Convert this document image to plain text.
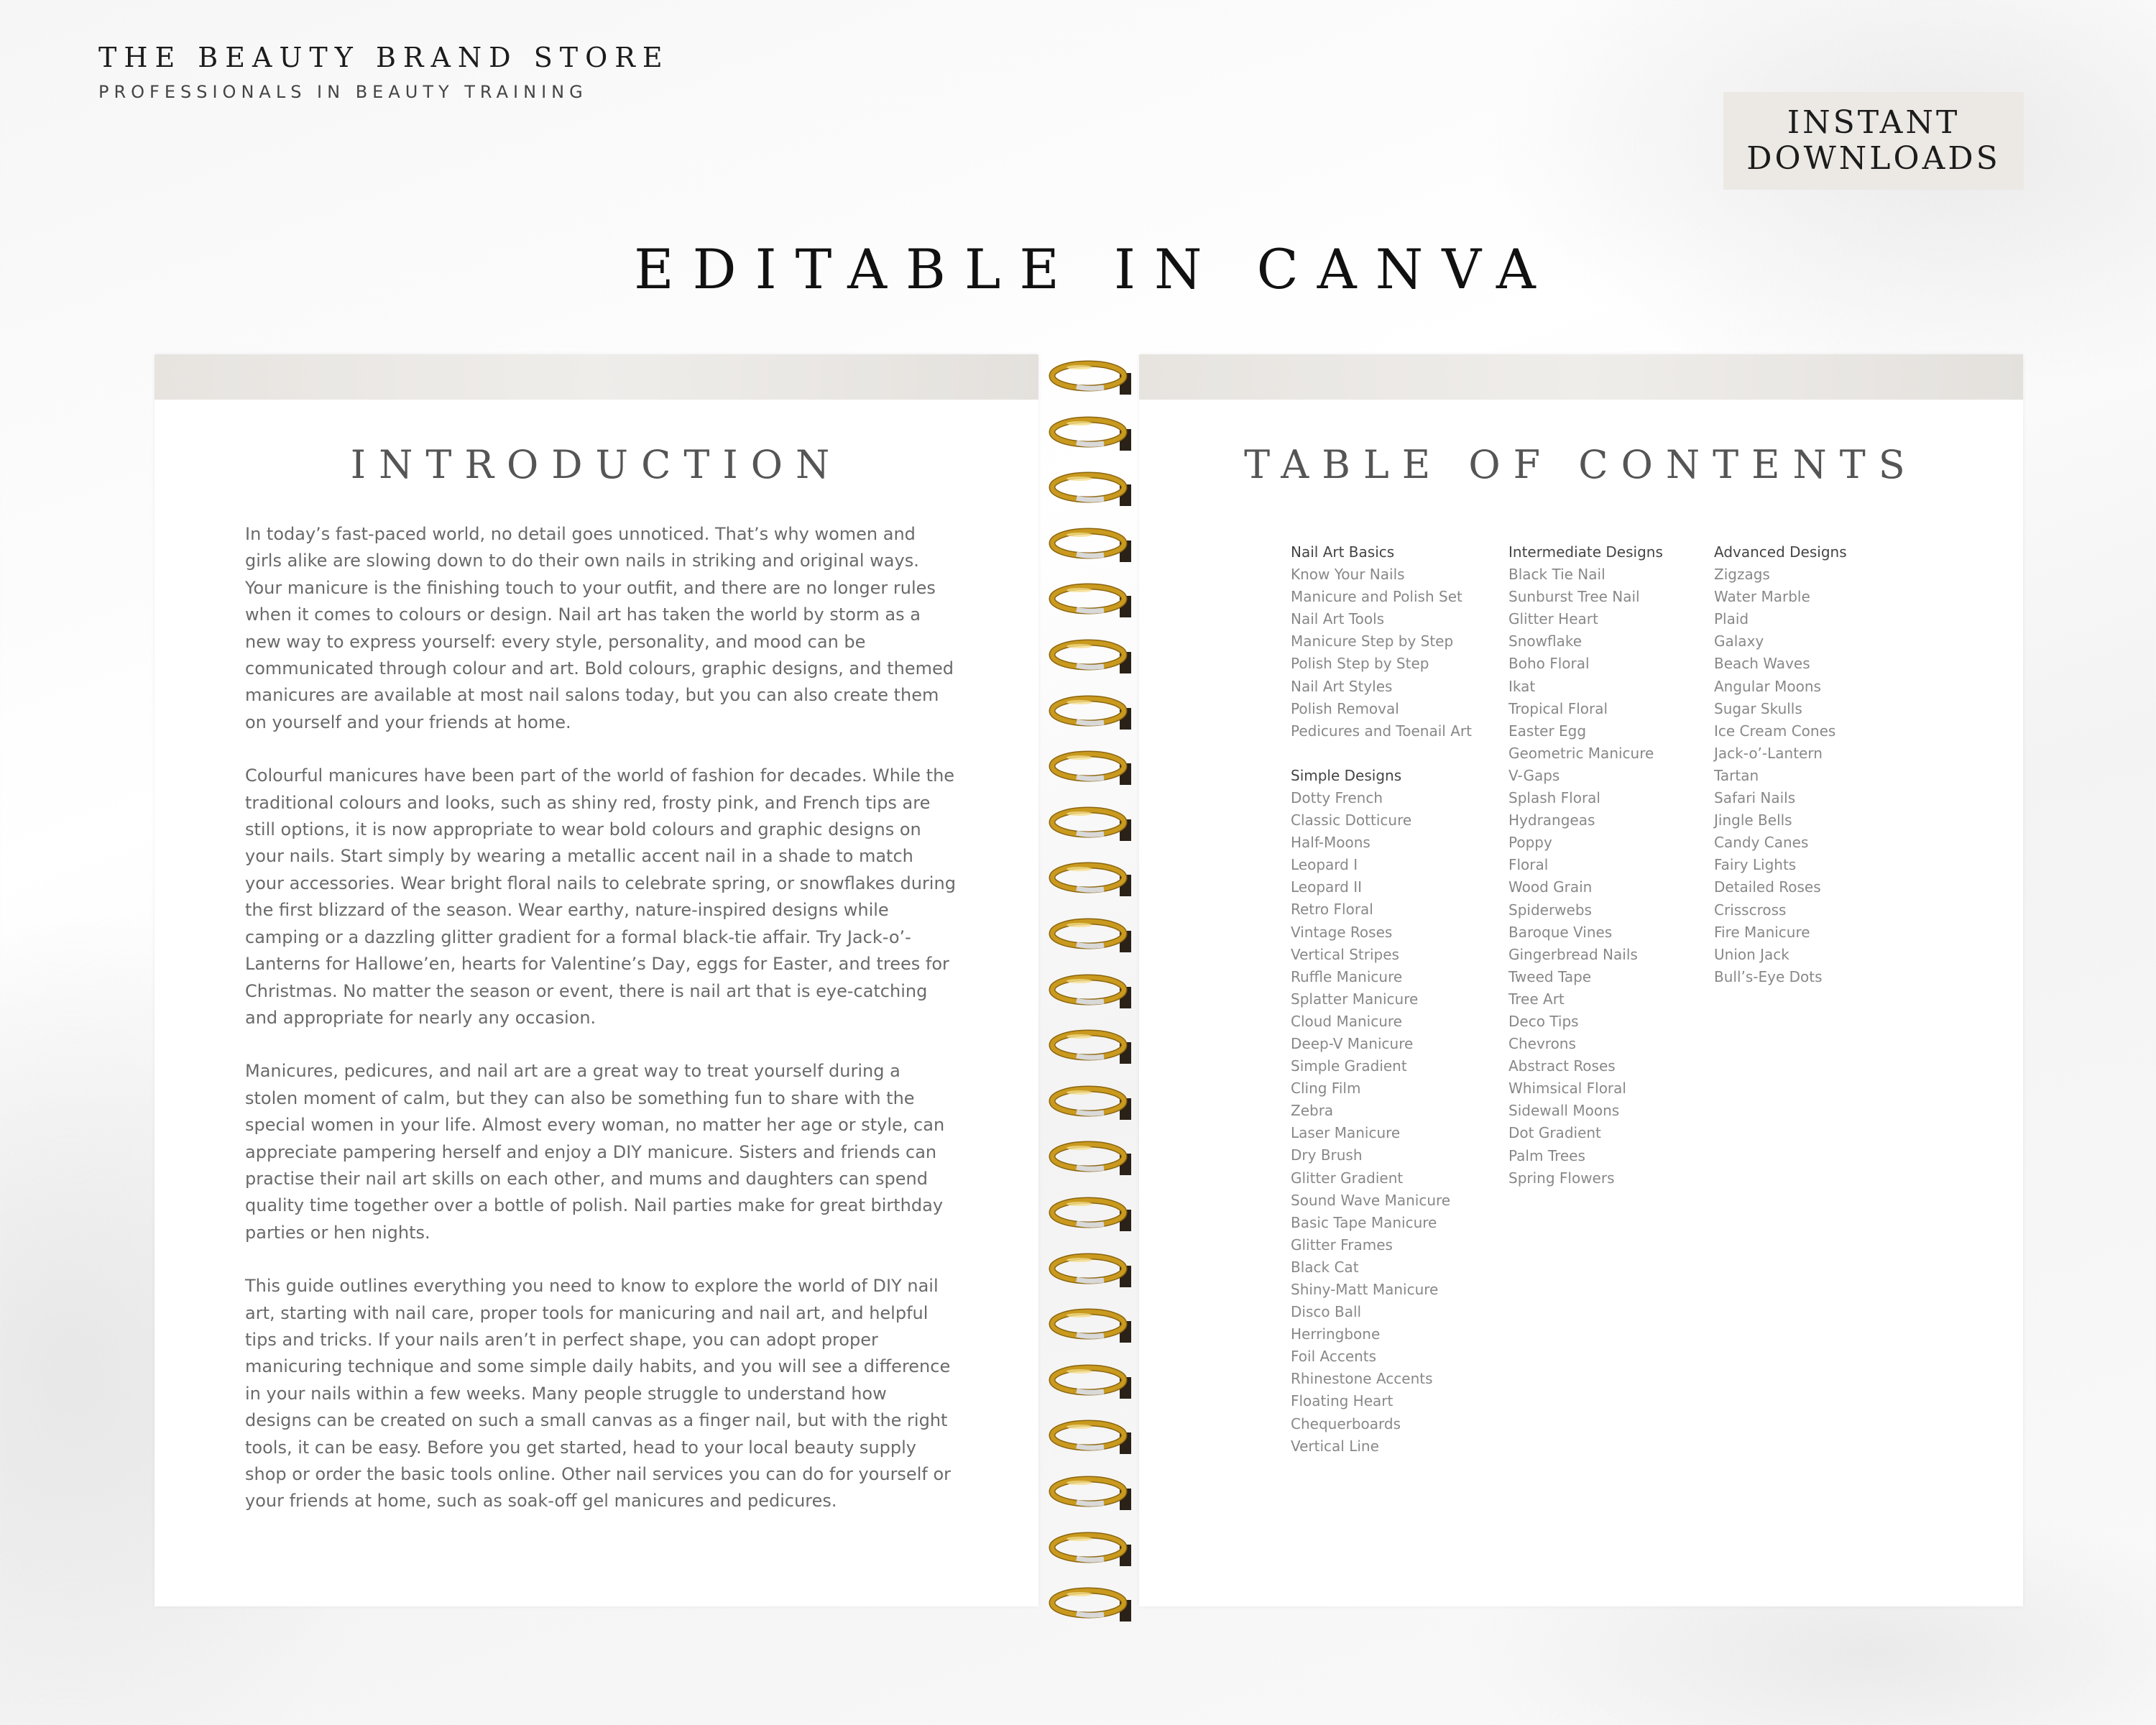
THE BEAUTY BRAND STORE
PROFESSIONALS IN BEAUTY TRAINING
INSTANT
DOWNLOADS
EDITABLE IN CANVA
INTRODUCTION

In today’s fast-paced world, no detail goes unnoticed. That’s why women and girls alike are slowing down to do their own nails in striking and original ways. Your manicure is the finishing touch to your outfit, and there are no longer rules when it comes to colours or design. Nail art has taken the world by storm as a new way to express yourself: every style, personality, and mood can be communicated through colour and art. Bold colours, graphic designs, and themed manicures are available at most nail salons today, but you can also create them on yourself and your friends at home.

Colourful manicures have been part of the world of fashion for decades. While the traditional colours and looks, such as shiny red, frosty pink, and French tips are still options, it is now appropriate to wear bold colours and graphic designs on your nails. Start simply by wearing a metallic accent nail in a shade to match your accessories. Wear bright floral nails to celebrate spring, or snowflakes during the first blizzard of the season. Wear earthy, nature-inspired designs while camping or a dazzling glitter gradient for a formal black-tie affair. Try Jack-o’-Lanterns for Hallowe’en, hearts for Valentine’s Day, eggs for Easter, and trees for Christmas. No matter the season or event, there is nail art that is eye-catching and appropriate for nearly any occasion.

Manicures, pedicures, and nail art are a great way to treat yourself during a stolen moment of calm, but they can also be something fun to share with the special women in your life. Almost every woman, no matter her age or style, can appreciate pampering herself and enjoy a DIY manicure. Sisters and friends can practise their nail art skills on each other, and mums and daughters can spend quality time together over a bottle of polish. Nail parties make for great birthday parties or hen nights.

This guide outlines everything you need to know to explore the world of DIY nail art, starting with nail care, proper tools for manicuring and nail art, and helpful tips and tricks. If your nails aren’t in perfect shape, you can adopt proper manicuring technique and some simple daily habits, and you will see a difference in your nails within a few weeks. Many people struggle to understand how designs can be created on such a small canvas as a finger nail, but with the right tools, it can be easy. Before you get started, head to your local beauty supply shop or order the basic tools online. Other nail services you can do for yourself or your friends at home, such as soak-off gel manicures and pedicures.

TABLE OF CONTENTS
Nail Art Basics
Know Your Nails
Manicure and Polish Set
Nail Art Tools
Manicure Step by Step
Polish Step by Step
Nail Art Styles
Polish Removal
Pedicures and Toenail Art
Simple Designs
Dotty French
Classic Dotticure
Half-Moons
Leopard I
Leopard II
Retro Floral
Vintage Roses
Vertical Stripes
Ruffle Manicure
Splatter Manicure
Cloud Manicure
Deep-V Manicure
Simple Gradient
Cling Film
Zebra
Laser Manicure
Dry Brush
Glitter Gradient
Sound Wave Manicure
Basic Tape Manicure
Glitter Frames
Black Cat
Shiny-Matt Manicure
Disco Ball
Herringbone
Foil Accents
Rhinestone Accents
Floating Heart
Chequerboards
Vertical Line
Intermediate Designs
Black Tie Nail
Sunburst Tree Nail
Glitter Heart
Snowflake
Boho Floral
Ikat
Tropical Floral
Easter Egg
Geometric Manicure
V-Gaps
Splash Floral
Hydrangeas
Poppy
Floral
Wood Grain
Spiderwebs
Baroque Vines
Gingerbread Nails
Tweed Tape
Tree Art
Deco Tips
Chevrons
Abstract Roses
Whimsical Floral
Sidewall Moons
Dot Gradient
Palm Trees
Spring Flowers
Advanced Designs
Zigzags
Water Marble
Plaid
Galaxy
Beach Waves
Angular Moons
Sugar Skulls
Ice Cream Cones
Jack-o’-Lantern
Tartan
Safari Nails
Jingle Bells
Candy Canes
Fairy Lights
Detailed Roses
Crisscross
Fire Manicure
Union Jack
Bull’s-Eye Dots
